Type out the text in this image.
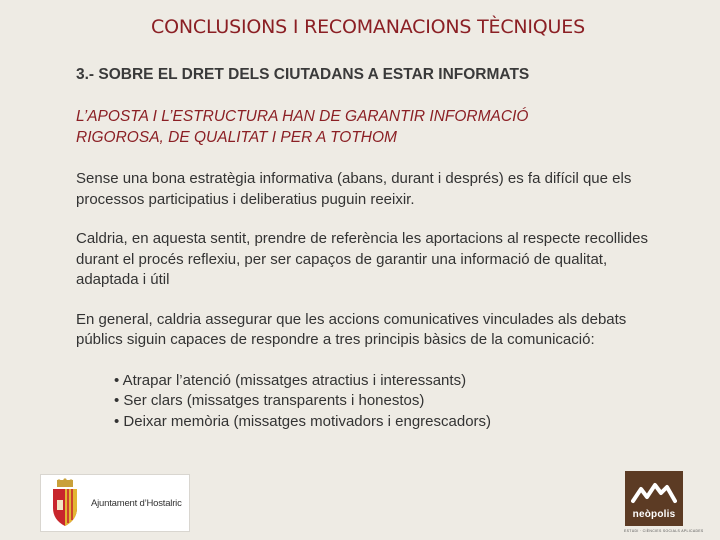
CONCLUSIONS I RECOMANACIONS TÈCNIQUES
3.- SOBRE EL DRET DELS CIUTADANS A ESTAR INFORMATS
L’APOSTA I L’ESTRUCTURA HAN DE GARANTIR INFORMACIÓ
RIGOROSA, DE QUALITAT I PER A TOTHOM

Sense una bona estratègia informativa (abans, durant i després) es fa difícil que els processos participatius i deliberatius puguin reeixir.

Caldria, en aquesta sentit, prendre de referència les aportacions al respecte recollides durant el procés reflexiu, per ser capaços de garantir una informació de qualitat, adaptada i útil

En general, caldria assegurar que les accions comunicatives vinculades als debats públics siguin capaces de respondre a tres principis bàsics de la comunicació:

• Atrapar l’atenció (missatges atractius i interessants)
• Ser clars (missatges transparents i honestos)
• Deixar memòria (missatges motivadors i engrescadors)
Ajuntament d’Hostalric
neòpolis
ESTUDI · CIÈNCIES SOCIALS APLICADES
